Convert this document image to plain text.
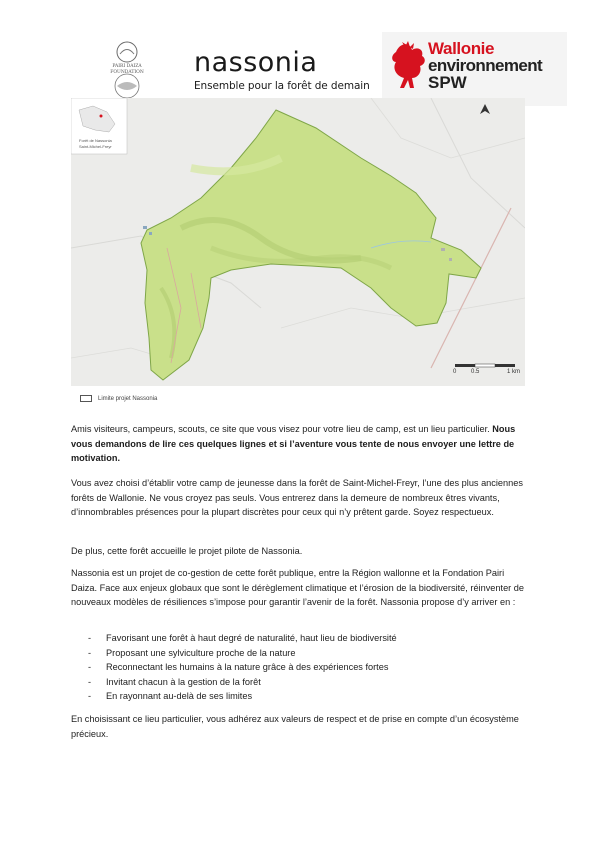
PAIRI DAIZA FOUNDATION nassonia
Ensemble pour la forêt de demain
Wallonie
environnement
SPW
Forêt de Nassonia
Saint-Michel-Freyr
0 0.5	1 km
Limite projet Nassonia

Amis visiteurs, campeurs, scouts, ce site que vous visez pour votre lieu de camp, est un lieu particulier. Nous vous demandons de lire ces quelques lignes et si l’aventure vous tente de nous envoyer une lettre de motivation.

Vous avez choisi d’établir votre camp de jeunesse dans la forêt de Saint-Michel-Freyr, l’une des plus anciennes forêts de Wallonie. Ne vous croyez pas seuls. Vous entrerez dans la demeure de nombreux êtres vivants, d’innombrables présences pour la plupart discrètes pour ceux qui n’y prêtent garde. Soyez respectueux.

De plus, cette forêt accueille le projet pilote de Nassonia.

Nassonia est un projet de co-gestion de cette forêt publique, entre la Région wallonne et la Fondation Pairi Daiza. Face aux enjeux globaux que sont le dérèglement climatique et l’érosion de la biodiversité, réinventer de nouveaux modèles de résiliences s’impose pour garantir l’avenir de la forêt. Nassonia propose d’y arriver en :

-	Favorisant une forêt à haut degré de naturalité, haut lieu de biodiversité
-	Proposant une sylviculture proche de la nature
-	Reconnectant les humains à la nature grâce à des expériences fortes
-	Invitant chacun à la gestion de la forêt
-	En rayonnant au-delà de ses limites

En choisissant ce lieu particulier, vous adhérez aux valeurs de respect et de prise en compte d’un écosystème précieux.
